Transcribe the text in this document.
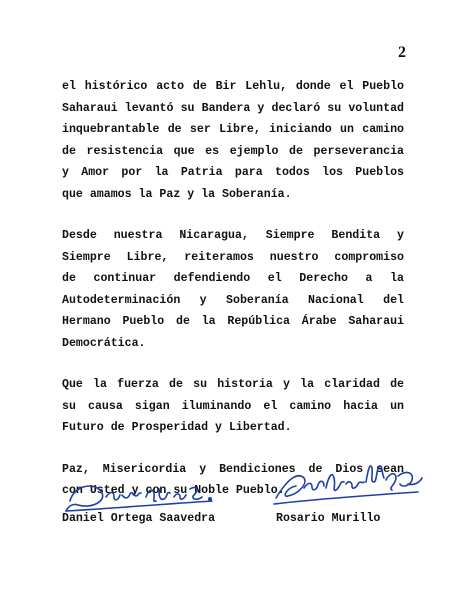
2

el histórico acto de Bir Lehlu, donde el Pueblo
Saharaui levantó su Bandera y declaró su voluntad
inquebrantable de ser Libre, iniciando un camino
de resistencia que es ejemplo de perseverancia
y Amor por la Patria para todos los Pueblos
que amamos la Paz y la Soberanía.

Desde nuestra Nicaragua, Siempre Bendita y
Siempre Libre, reiteramos nuestro compromiso
de continuar defendiendo el Derecho a la
Autodeterminación y Soberanía Nacional del
Hermano Pueblo de la República Árabe Saharaui
Democrática.

Que la fuerza de su historia y la claridad de
su causa sigan iluminando el camino hacia un
Futuro de Prosperidad y Libertad.

Paz, Misericordia y Bendiciones de Dios sean
con Usted y con su Noble Pueblo.

Daniel Ortega Saavedra	Rosario Murillo
